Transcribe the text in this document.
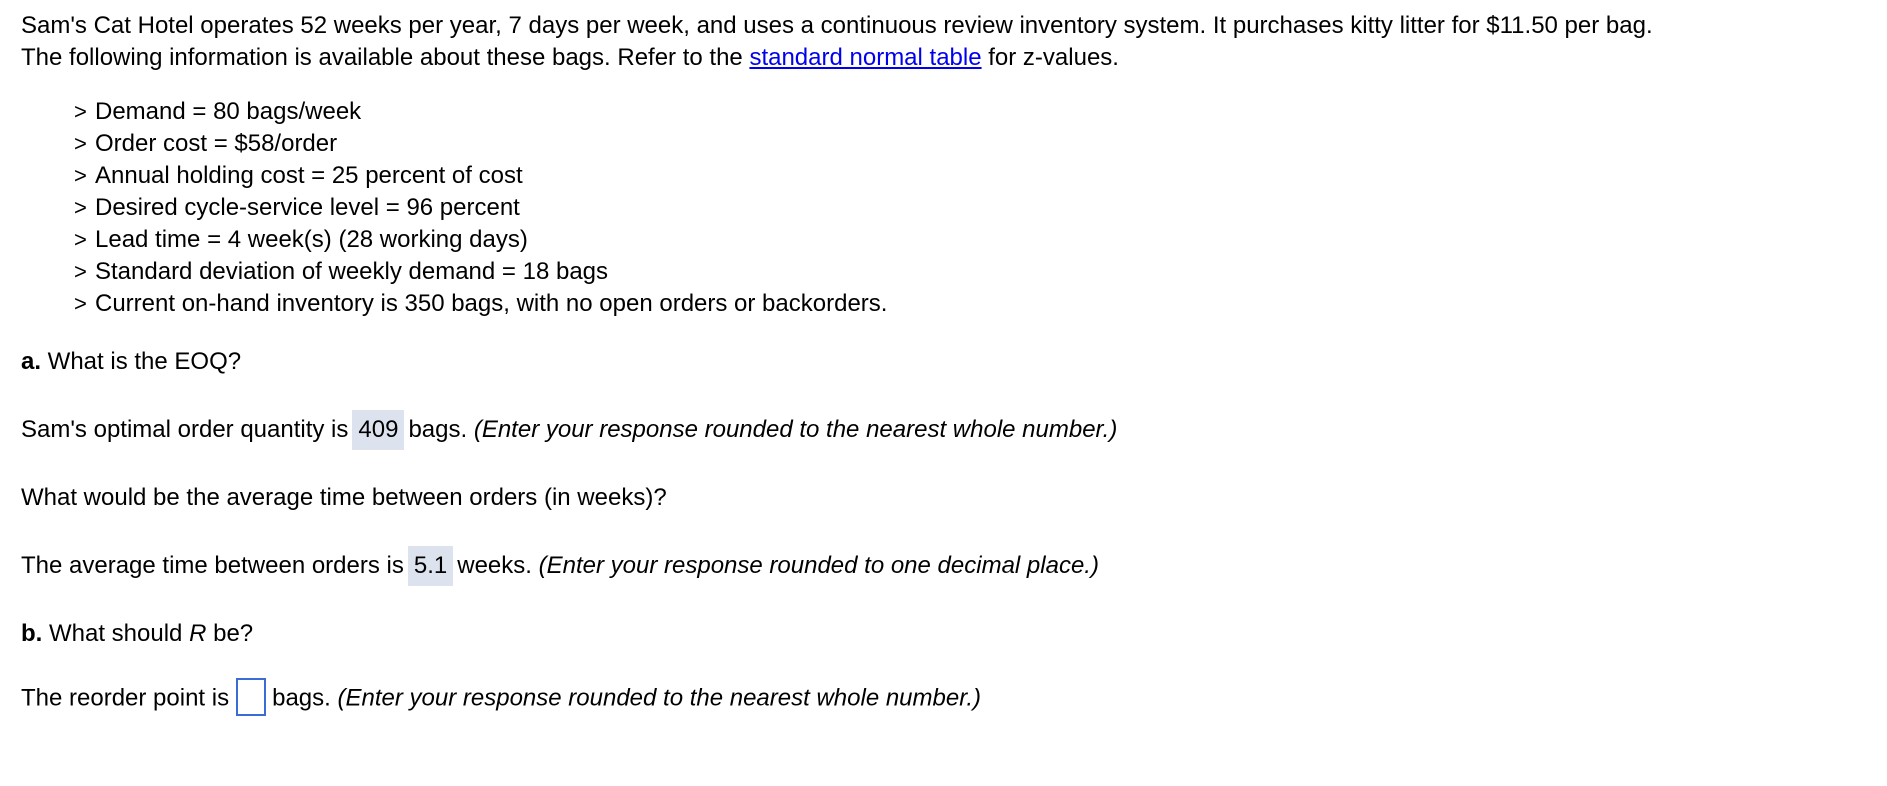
Sam's Cat Hotel operates 52 weeks per year, 7 days per week, and uses a continuous review inventory system. It purchases kitty litter for $11.50 per bag.
The following information is available about these bags. Refer to the standard normal table for z-values.

> Demand = 80 bags/week
> Order cost = $58/order
> Annual holding cost = 25 percent of cost
> Desired cycle-service level = 96 percent
> Lead time = 4 week(s) (28 working days)
> Standard deviation of weekly demand = 18 bags
> Current on-hand inventory is 350 bags, with no open orders or backorders.

a. What is the EOQ?

Sam's optimal order quantity is 409 bags. (Enter your response rounded to the nearest whole number.)

What would be the average time between orders (in weeks)?

The average time between orders is 5.1 weeks. (Enter your response rounded to one decimal place.)

b. What should R be?

The reorder point is bags. (Enter your response rounded to the nearest whole number.)
